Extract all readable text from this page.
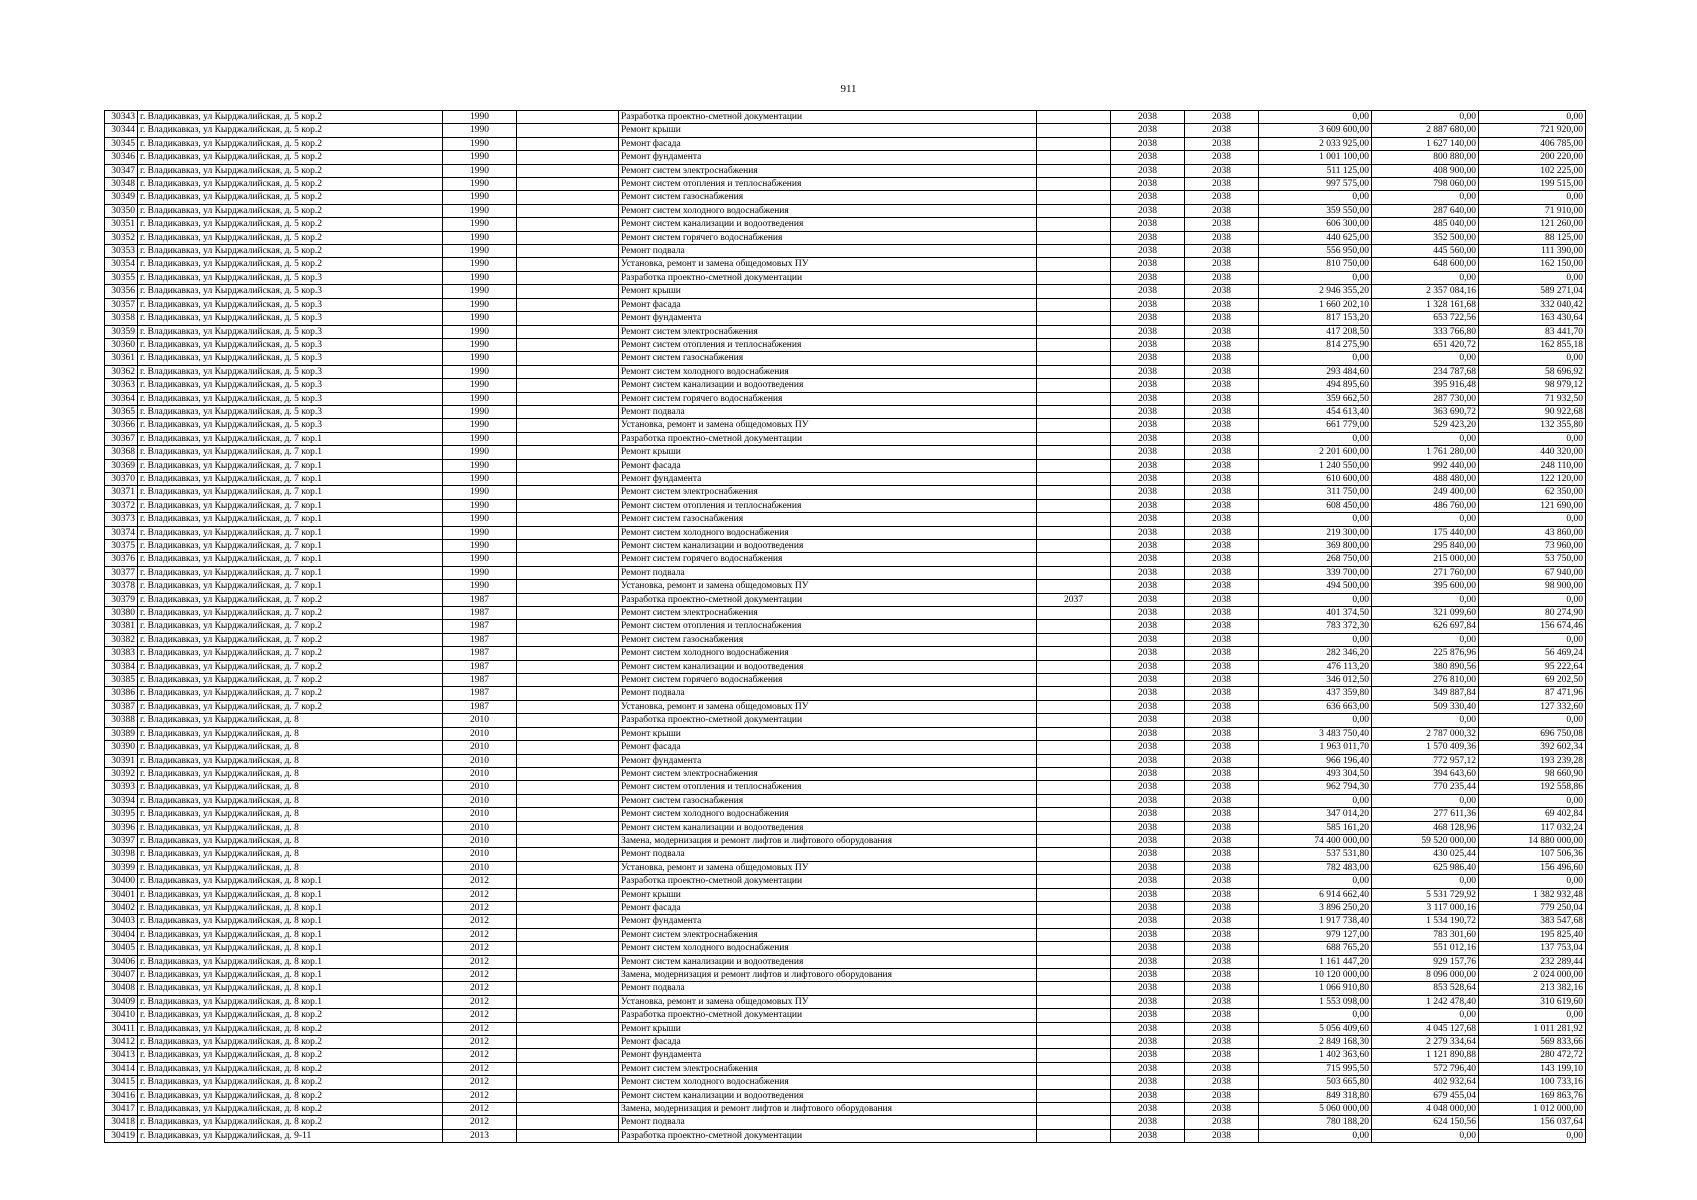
911
30343	г. Владикавказ, ул Кырджалийская, д. 5 кор.2	1990		Разработка проектно-сметной документации		2038	2038	0,00	0,00	0,00
30344	г. Владикавказ, ул Кырджалийская, д. 5 кор.2	1990		Ремонт крыши		2038	2038	3 609 600,00	2 887 680,00	721 920,00
30345	г. Владикавказ, ул Кырджалийская, д. 5 кор.2	1990		Ремонт фасада		2038	2038	2 033 925,00	1 627 140,00	406 785,00
30346	г. Владикавказ, ул Кырджалийская, д. 5 кор.2	1990		Ремонт фундамента		2038	2038	1 001 100,00	800 880,00	200 220,00
30347	г. Владикавказ, ул Кырджалийская, д. 5 кор.2	1990		Ремонт систем электроснабжения		2038	2038	511 125,00	408 900,00	102 225,00
30348	г. Владикавказ, ул Кырджалийская, д. 5 кор.2	1990		Ремонт систем отопления и теплоснабжения		2038	2038	997 575,00	798 060,00	199 515,00
30349	г. Владикавказ, ул Кырджалийская, д. 5 кор.2	1990		Ремонт систем газоснабжения		2038	2038	0,00	0,00	0,00
30350	г. Владикавказ, ул Кырджалийская, д. 5 кор.2	1990		Ремонт систем холодного водоснабжения		2038	2038	359 550,00	287 640,00	71 910,00
30351	г. Владикавказ, ул Кырджалийская, д. 5 кор.2	1990		Ремонт систем канализации и водоотведения		2038	2038	606 300,00	485 040,00	121 260,00
30352	г. Владикавказ, ул Кырджалийская, д. 5 кор.2	1990		Ремонт систем горячего водоснабжения		2038	2038	440 625,00	352 500,00	88 125,00
30353	г. Владикавказ, ул Кырджалийская, д. 5 кор.2	1990		Ремонт подвала		2038	2038	556 950,00	445 560,00	111 390,00
30354	г. Владикавказ, ул Кырджалийская, д. 5 кор.2	1990		Установка, ремонт и замена общедомовых ПУ		2038	2038	810 750,00	648 600,00	162 150,00
30355	г. Владикавказ, ул Кырджалийская, д. 5 кор.3	1990		Разработка проектно-сметной документации		2038	2038	0,00	0,00	0,00
30356	г. Владикавказ, ул Кырджалийская, д. 5 кор.3	1990		Ремонт крыши		2038	2038	2 946 355,20	2 357 084,16	589 271,04
30357	г. Владикавказ, ул Кырджалийская, д. 5 кор.3	1990		Ремонт фасада		2038	2038	1 660 202,10	1 328 161,68	332 040,42
30358	г. Владикавказ, ул Кырджалийская, д. 5 кор.3	1990		Ремонт фундамента		2038	2038	817 153,20	653 722,56	163 430,64
30359	г. Владикавказ, ул Кырджалийская, д. 5 кор.3	1990		Ремонт систем электроснабжения		2038	2038	417 208,50	333 766,80	83 441,70
30360	г. Владикавказ, ул Кырджалийская, д. 5 кор.3	1990		Ремонт систем отопления и теплоснабжения		2038	2038	814 275,90	651 420,72	162 855,18
30361	г. Владикавказ, ул Кырджалийская, д. 5 кор.3	1990		Ремонт систем газоснабжения		2038	2038	0,00	0,00	0,00
30362	г. Владикавказ, ул Кырджалийская, д. 5 кор.3	1990		Ремонт систем холодного водоснабжения		2038	2038	293 484,60	234 787,68	58 696,92
30363	г. Владикавказ, ул Кырджалийская, д. 5 кор.3	1990		Ремонт систем канализации и водоотведения		2038	2038	494 895,60	395 916,48	98 979,12
30364	г. Владикавказ, ул Кырджалийская, д. 5 кор.3	1990		Ремонт систем горячего водоснабжения		2038	2038	359 662,50	287 730,00	71 932,50
30365	г. Владикавказ, ул Кырджалийская, д. 5 кор.3	1990		Ремонт подвала		2038	2038	454 613,40	363 690,72	90 922,68
30366	г. Владикавказ, ул Кырджалийская, д. 5 кор.3	1990		Установка, ремонт и замена общедомовых ПУ		2038	2038	661 779,00	529 423,20	132 355,80
30367	г. Владикавказ, ул Кырджалийская, д. 7 кор.1	1990		Разработка проектно-сметной документации		2038	2038	0,00	0,00	0,00
30368	г. Владикавказ, ул Кырджалийская, д. 7 кор.1	1990		Ремонт крыши		2038	2038	2 201 600,00	1 761 280,00	440 320,00
30369	г. Владикавказ, ул Кырджалийская, д. 7 кор.1	1990		Ремонт фасада		2038	2038	1 240 550,00	992 440,00	248 110,00
30370	г. Владикавказ, ул Кырджалийская, д. 7 кор.1	1990		Ремонт фундамента		2038	2038	610 600,00	488 480,00	122 120,00
30371	г. Владикавказ, ул Кырджалийская, д. 7 кор.1	1990		Ремонт систем электроснабжения		2038	2038	311 750,00	249 400,00	62 350,00
30372	г. Владикавказ, ул Кырджалийская, д. 7 кор.1	1990		Ремонт систем отопления и теплоснабжения		2038	2038	608 450,00	486 760,00	121 690,00
30373	г. Владикавказ, ул Кырджалийская, д. 7 кор.1	1990		Ремонт систем газоснабжения		2038	2038	0,00	0,00	0,00
30374	г. Владикавказ, ул Кырджалийская, д. 7 кор.1	1990		Ремонт систем холодного водоснабжения		2038	2038	219 300,00	175 440,00	43 860,00
30375	г. Владикавказ, ул Кырджалийская, д. 7 кор.1	1990		Ремонт систем канализации и водоотведения		2038	2038	369 800,00	295 840,00	73 960,00
30376	г. Владикавказ, ул Кырджалийская, д. 7 кор.1	1990		Ремонт систем горячего водоснабжения		2038	2038	268 750,00	215 000,00	53 750,00
30377	г. Владикавказ, ул Кырджалийская, д. 7 кор.1	1990		Ремонт подвала		2038	2038	339 700,00	271 760,00	67 940,00
30378	г. Владикавказ, ул Кырджалийская, д. 7 кор.1	1990		Установка, ремонт и замена общедомовых ПУ		2038	2038	494 500,00	395 600,00	98 900,00
30379	г. Владикавказ, ул Кырджалийская, д. 7 кор.2	1987		Разработка проектно-сметной документации	2037	2038	2038	0,00	0,00	0,00
30380	г. Владикавказ, ул Кырджалийская, д. 7 кор.2	1987		Ремонт систем электроснабжения		2038	2038	401 374,50	321 099,60	80 274,90
30381	г. Владикавказ, ул Кырджалийская, д. 7 кор.2	1987		Ремонт систем отопления и теплоснабжения		2038	2038	783 372,30	626 697,84	156 674,46
30382	г. Владикавказ, ул Кырджалийская, д. 7 кор.2	1987		Ремонт систем газоснабжения		2038	2038	0,00	0,00	0,00
30383	г. Владикавказ, ул Кырджалийская, д. 7 кор.2	1987		Ремонт систем холодного водоснабжения		2038	2038	282 346,20	225 876,96	56 469,24
30384	г. Владикавказ, ул Кырджалийская, д. 7 кор.2	1987		Ремонт систем канализации и водоотведения		2038	2038	476 113,20	380 890,56	95 222,64
30385	г. Владикавказ, ул Кырджалийская, д. 7 кор.2	1987		Ремонт систем горячего водоснабжения		2038	2038	346 012,50	276 810,00	69 202,50
30386	г. Владикавказ, ул Кырджалийская, д. 7 кор.2	1987		Ремонт подвала		2038	2038	437 359,80	349 887,84	87 471,96
30387	г. Владикавказ, ул Кырджалийская, д. 7 кор.2	1987		Установка, ремонт и замена общедомовых ПУ		2038	2038	636 663,00	509 330,40	127 332,60
30388	г. Владикавказ, ул Кырджалийская, д. 8	2010		Разработка проектно-сметной документации		2038	2038	0,00	0,00	0,00
30389	г. Владикавказ, ул Кырджалийская, д. 8	2010		Ремонт крыши		2038	2038	3 483 750,40	2 787 000,32	696 750,08
30390	г. Владикавказ, ул Кырджалийская, д. 8	2010		Ремонт фасада		2038	2038	1 963 011,70	1 570 409,36	392 602,34
30391	г. Владикавказ, ул Кырджалийская, д. 8	2010		Ремонт фундамента		2038	2038	966 196,40	772 957,12	193 239,28
30392	г. Владикавказ, ул Кырджалийская, д. 8	2010		Ремонт систем электроснабжения		2038	2038	493 304,50	394 643,60	98 660,90
30393	г. Владикавказ, ул Кырджалийская, д. 8	2010		Ремонт систем отопления и теплоснабжения		2038	2038	962 794,30	770 235,44	192 558,86
30394	г. Владикавказ, ул Кырджалийская, д. 8	2010		Ремонт систем газоснабжения		2038	2038	0,00	0,00	0,00
30395	г. Владикавказ, ул Кырджалийская, д. 8	2010		Ремонт систем холодного водоснабжения		2038	2038	347 014,20	277 611,36	69 402,84
30396	г. Владикавказ, ул Кырджалийская, д. 8	2010		Ремонт систем канализации и водоотведения		2038	2038	585 161,20	468 128,96	117 032,24
30397	г. Владикавказ, ул Кырджалийская, д. 8	2010		Замена, модернизация и ремонт лифтов и лифтового оборудования		2038	2038	74 400 000,00	59 520 000,00	14 880 000,00
30398	г. Владикавказ, ул Кырджалийская, д. 8	2010		Ремонт подвала		2038	2038	537 531,80	430 025,44	107 506,36
30399	г. Владикавказ, ул Кырджалийская, д. 8	2010		Установка, ремонт и замена общедомовых ПУ		2038	2038	782 483,00	625 986,40	156 496,60
30400	г. Владикавказ, ул Кырджалийская, д. 8 кор.1	2012		Разработка проектно-сметной документации		2038	2038	0,00	0,00	0,00
30401	г. Владикавказ, ул Кырджалийская, д. 8 кор.1	2012		Ремонт крыши		2038	2038	6 914 662,40	5 531 729,92	1 382 932,48
30402	г. Владикавказ, ул Кырджалийская, д. 8 кор.1	2012		Ремонт фасада		2038	2038	3 896 250,20	3 117 000,16	779 250,04
30403	г. Владикавказ, ул Кырджалийская, д. 8 кор.1	2012		Ремонт фундамента		2038	2038	1 917 738,40	1 534 190,72	383 547,68
30404	г. Владикавказ, ул Кырджалийская, д. 8 кор.1	2012		Ремонт систем электроснабжения		2038	2038	979 127,00	783 301,60	195 825,40
30405	г. Владикавказ, ул Кырджалийская, д. 8 кор.1	2012		Ремонт систем холодного водоснабжения		2038	2038	688 765,20	551 012,16	137 753,04
30406	г. Владикавказ, ул Кырджалийская, д. 8 кор.1	2012		Ремонт систем канализации и водоотведения		2038	2038	1 161 447,20	929 157,76	232 289,44
30407	г. Владикавказ, ул Кырджалийская, д. 8 кор.1	2012		Замена, модернизация и ремонт лифтов и лифтового оборудования		2038	2038	10 120 000,00	8 096 000,00	2 024 000,00
30408	г. Владикавказ, ул Кырджалийская, д. 8 кор.1	2012		Ремонт подвала		2038	2038	1 066 910,80	853 528,64	213 382,16
30409	г. Владикавказ, ул Кырджалийская, д. 8 кор.1	2012		Установка, ремонт и замена общедомовых ПУ		2038	2038	1 553 098,00	1 242 478,40	310 619,60
30410	г. Владикавказ, ул Кырджалийская, д. 8 кор.2	2012		Разработка проектно-сметной документации		2038	2038	0,00	0,00	0,00
30411	г. Владикавказ, ул Кырджалийская, д. 8 кор.2	2012		Ремонт крыши		2038	2038	5 056 409,60	4 045 127,68	1 011 281,92
30412	г. Владикавказ, ул Кырджалийская, д. 8 кор.2	2012		Ремонт фасада		2038	2038	2 849 168,30	2 279 334,64	569 833,66
30413	г. Владикавказ, ул Кырджалийская, д. 8 кор.2	2012		Ремонт фундамента		2038	2038	1 402 363,60	1 121 890,88	280 472,72
30414	г. Владикавказ, ул Кырджалийская, д. 8 кор.2	2012		Ремонт систем электроснабжения		2038	2038	715 995,50	572 796,40	143 199,10
30415	г. Владикавказ, ул Кырджалийская, д. 8 кор.2	2012		Ремонт систем холодного водоснабжения		2038	2038	503 665,80	402 932,64	100 733,16
30416	г. Владикавказ, ул Кырджалийская, д. 8 кор.2	2012		Ремонт систем канализации и водоотведения		2038	2038	849 318,80	679 455,04	169 863,76
30417	г. Владикавказ, ул Кырджалийская, д. 8 кор.2	2012		Замена, модернизация и ремонт лифтов и лифтового оборудования		2038	2038	5 060 000,00	4 048 000,00	1 012 000,00
30418	г. Владикавказ, ул Кырджалийская, д. 8 кор.2	2012		Ремонт подвала		2038	2038	780 188,20	624 150,56	156 037,64
30419	г. Владикавказ, ул Кырджалийская, д. 9-11	2013		Разработка проектно-сметной документации		2038	2038	0,00	0,00	0,00
